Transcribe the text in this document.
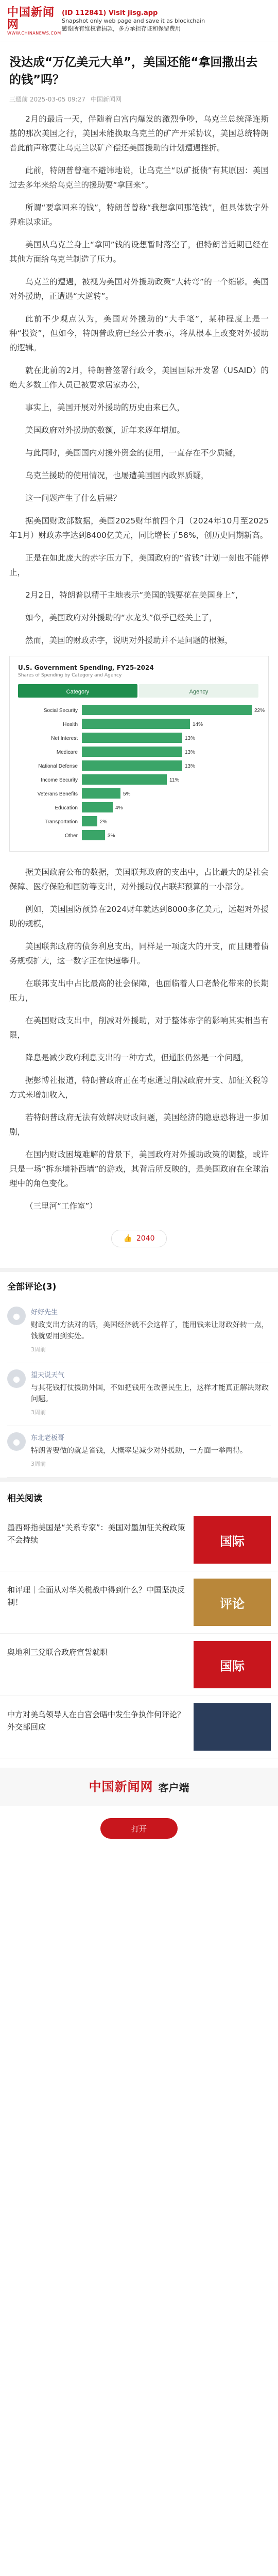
中国新闻网
WWW.CHINANEWS.COM
(ID 112841) Visit jisg.app
Snapshot only web page and save it as blockchain
感谢所有维权者捐款，多方承担存证和保留费用
没达成“万亿美元大单”，美国还能“拿回撒出去的钱”吗？
三週前 2025-03-05 09:27 中国新闻网

2月的最后一天，伴随着白宫内爆发的激烈争吵，乌克兰总统泽连斯基的那次美国之行，美国未能换取乌克兰的矿产开采协议，美国总统特朗普此前声称要让乌克兰以矿产偿还美国援助的计划遭遇挫折。

此前，特朗普曾毫不避讳地说，让乌克兰“以矿抵债”有其原因：美国过去多年来给乌克兰的援助要“拿回来”。

所谓“要拿回来的钱”，特朗普曾称“我想拿回那笔钱”，但具体数字外界难以求证。

美国从乌克兰身上“拿回”钱的设想暂时落空了，但特朗普近期已经在其他方面给乌克兰制造了压力。

乌克兰的遭遇，被视为美国对外援助政策“大转弯”的一个缩影。美国对外援助，正遭遇“大逆转”。

此前不少观点认为，美国对外援助的“大手笔”，某种程度上是一种“投资”，但如今，特朗普政府已经公开表示，将从根本上改变对外援助的逻辑。

就在此前的2月，特朗普签署行政令，美国国际开发署（USAID）的绝大多数工作人员已被要求居家办公，

事实上，美国开展对外援助的历史由来已久，

美国政府对外援助的数额，近年来逐年增加。

与此同时，美国国内对援外资金的使用，一直存在不少质疑，

乌克兰援助的使用情况，也屡遭美国国内政界质疑，

这一问题产生了什么后果？

据美国财政部数据，美国2025财年前四个月（2024年10月至2025年1月）财政赤字达到8400亿美元，同比增长了58%，创历史同期新高。

正是在如此庞大的赤字压力下，美国政府的“省钱”计划一刻也不能停止，

2月2日，特朗普以精干主地表示“美国的钱要花在美国身上”，

如今，美国政府对外援助的“水龙头”似乎已经关上了，

然而，美国的财政赤字，说明对外援助并不是问题的根源，

U.S. Government Spending, FY25-2024
Shares of Spending by Category and Agency
Category	Agency
Social Security	22%
Health	14%
Net Interest	13%
Medicare	13%
National Defense	13%
Income Security	11%
Veterans Benefits	5%
Education	4%
Transportation	2%
Other	3%

据美国政府公布的数据，美国联邦政府的支出中，占比最大的是社会保障、医疗保险和国防等支出，对外援助仅占联邦预算的一小部分。

例如，美国国防预算在2024财年就达到8000多亿美元，远超对外援助的规模，

美国联邦政府的债务利息支出，同样是一项庞大的开支，而且随着债务规模扩大，这一数字正在快速攀升。

在联邦支出中占比最高的社会保障，也面临着人口老龄化带来的长期压力，

在美国财政支出中，削减对外援助，对于整体赤字的影响其实相当有限，

降息是减少政府利息支出的一种方式，但通胀仍然是一个问题，

据彭博社报道，特朗普政府正在考虑通过削减政府开支、加征关税等方式来增加收入，

若特朗普政府无法有效解决财政问题，美国经济的隐患恐将进一步加剧，

在国内财政困境难解的背景下，美国政府对外援助政策的调整，或许只是一场“拆东墙补西墙”的游戏，其背后所反映的，是美国政府在全球治理中的角色变化。

（三里河“工作室”）

👍 2040
全部评论(3)
●	好好先生
财政支出方法对的话，美国经济就不会这样了，能用钱来让财政好转一点，钱就要用到实处。
3周前
●	望天说天气
与其花钱打仗援助外国，不如把钱用在改善民生上，这样才能真正解决财政问题。
3周前
●	东北老板哥
特朗普要做的就是省钱，大概率是减少对外援助，一方面一举两得。
3周前
相关阅读
墨西哥指美国是“关系专家”：美国对墨加征关税政策不会持续	国际
和评理｜全面从对华关税战中得到什么？中国坚决反制！	评论
奥地利三党联合政府宣誓就职
国际
中方对美乌领导人在白宫会晤中发生争执作何评论？外交部回应
中国新闻网 客户端
打开
